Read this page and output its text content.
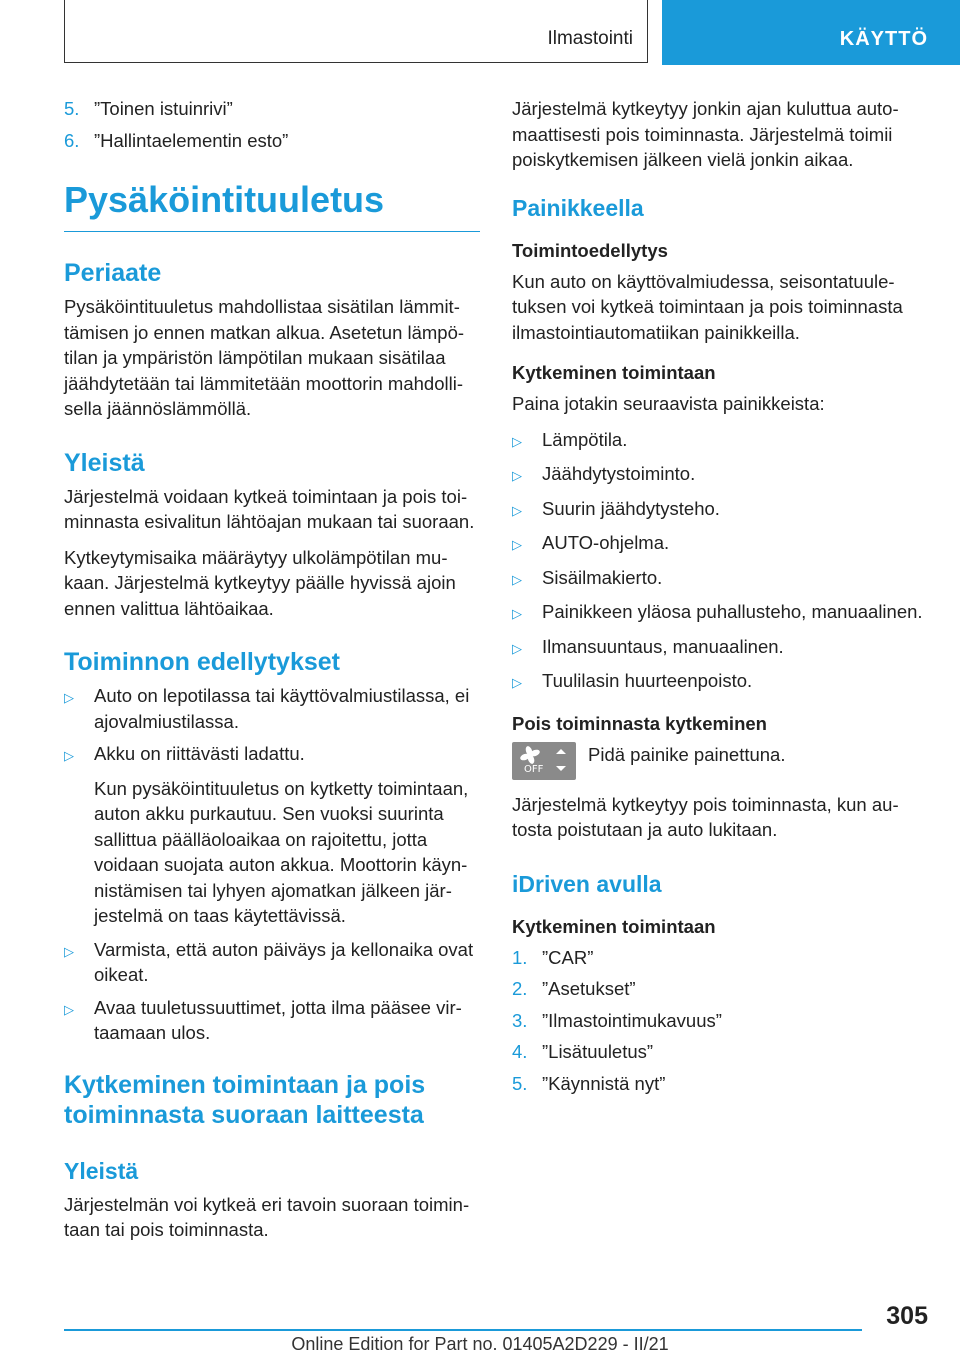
Ilmastointi	KÄYTTÖ
5. ”Toinen istuinrivi”
6. ”Hallintaelementin esto”
Pysäköintituuletus
Periaate

Pysäköintituuletus mahdollistaa sisätilan lämmittämisen jo ennen matkan alkua. Asetetun lämpötilan ja ympäristön lämpötilan mukaan sisätilaa jäähdytetään tai lämmitetään moottorin mahdollisella jäännöslämmöllä.

Yleistä

Järjestelmä voidaan kytkeä toimintaan ja pois toiminnasta esivalitun lähtöajan mukaan tai suoraan.

Kytkeytymisaika määräytyy ulkolämpötilan mukaan. Järjestelmä kytkeytyy päälle hyvissä ajoin ennen valittua lähtöaikaa.

Toiminnon edellytykset
▷	Auto on lepotilassa tai käyttövalmiustilassa, ei ajovalmiustilassa.
▷	Akku on riittävästi ladattu.
Kun pysäköintituuletus on kytketty toimintaan, auton akku purkautuu. Sen vuoksi suurinta sallittua päälläoloaikaa on rajoitettu, jotta voidaan suojata auton akkua. Moottorin käynnistämisen tai lyhyen ajomatkan jälkeen järjestelmä on taas käytettävissä.
▷	Varmista, että auton päiväys ja kellonaika ovat oikeat.
▷	Avaa tuuletussuuttimet, jotta ilma pääsee virtaamaan ulos.
Kytkeminen toimintaan ja pois toiminnasta suoraan laitteesta
Yleistä

Järjestelmän voi kytkeä eri tavoin suoraan toimintaan tai pois toiminnasta.

Järjestelmä kytkeytyy jonkin ajan kuluttua automaattisesti pois toiminnasta. Järjestelmä toimii poiskytkemisen jälkeen vielä jonkin aikaa.

Painikkeella
Toimintoedellytys

Kun auto on käyttövalmiudessa, seisontatuuletuksen voi kytkeä toimintaan ja pois toiminnasta ilmastointiautomatiikan painikkeilla.

Kytkeminen toimintaan

Paina jotakin seuraavista painikkeista:

▷	Lämpötila.
▷	Jäähdytystoiminto.
▷	Suurin jäähdytysteho.
▷	AUTO-ohjelma.
▷	Sisäilmakierto.
▷	Painikkeen yläosa puhallusteho, manuaalinen.
▷	Ilmansuuntaus, manuaalinen.
▷	Tuulilasin huurteenpoisto.
Pois toiminnasta kytkeminen
OFF
Pidä painike painettuna.

Järjestelmä kytkeytyy pois toiminnasta, kun autosta poistutaan ja auto lukitaan.

iDriven avulla
Kytkeminen toimintaan
1. ”CAR”
2. ”Asetukset”
3. ”Ilmastointimukavuus”
4. ”Lisätuuletus”
5. ”Käynnistä nyt”
305
Online Edition for Part no. 01405A2D229 - II/21
